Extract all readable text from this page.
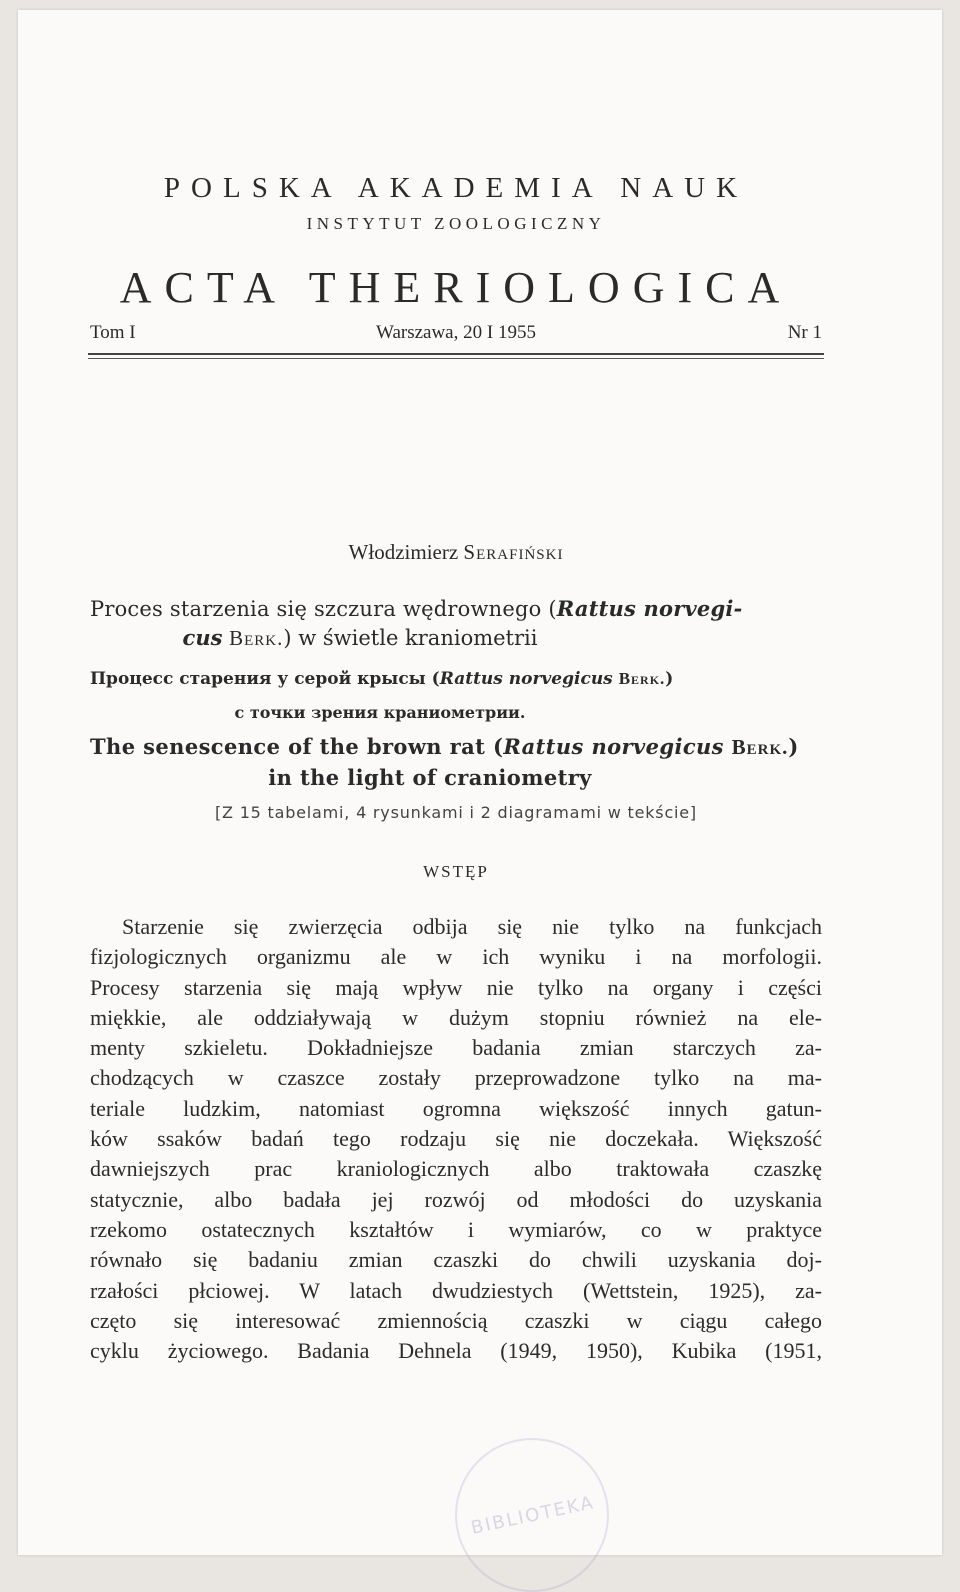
POLSKA AKADEMIA NAUK
INSTYTUT ZOOLOGICZNY
ACTA THERIOLOGICA
Tom I	Warszawa, 20 I 1955	Nr 1
Włodzimierz Serafiński
Proces starzenia się szczura wędrownego (Rattus norvegi-
cus Berk.) w świetle kraniometrii
Процесс старения у серой крысы (Rattus norvegicus Berk.)
с точки зрения краниометрии.
The senescence of the brown rat (Rattus norvegicus Berk.)
in the light of craniometry
[Z 15 tabelami, 4 rysunkami i 2 diagramami w tekście]
WSTĘP
Starzenie się zwierzęcia odbija się nie tylko na funkcjach
fizjologicznych organizmu ale w ich wyniku i na morfologii.
Procesy starzenia się mają wpływ nie tylko na organy i części
miękkie, ale oddziaływają w dużym stopniu również na ele-
menty szkieletu. Dokładniejsze badania zmian starczych za-
chodzących w czaszce zostały przeprowadzone tylko na ma-
teriale ludzkim, natomiast ogromna większość innych gatun-
ków ssaków badań tego rodzaju się nie doczekała. Większość
dawniejszych prac kraniologicznych albo traktowała czaszkę
statycznie, albo badała jej rozwój od młodości do uzyskania
rzekomo ostatecznych kształtów i wymiarów, co w praktyce
równało się badaniu zmian czaszki do chwili uzyskania doj-
rzałości płciowej. W latach dwudziestych (Wettstein, 1925), za-
częto się interesować zmiennością czaszki w ciągu całego
cyklu życiowego. Badania Dehnela (1949, 1950), Kubika (1951,
BIBLIOTEKA
